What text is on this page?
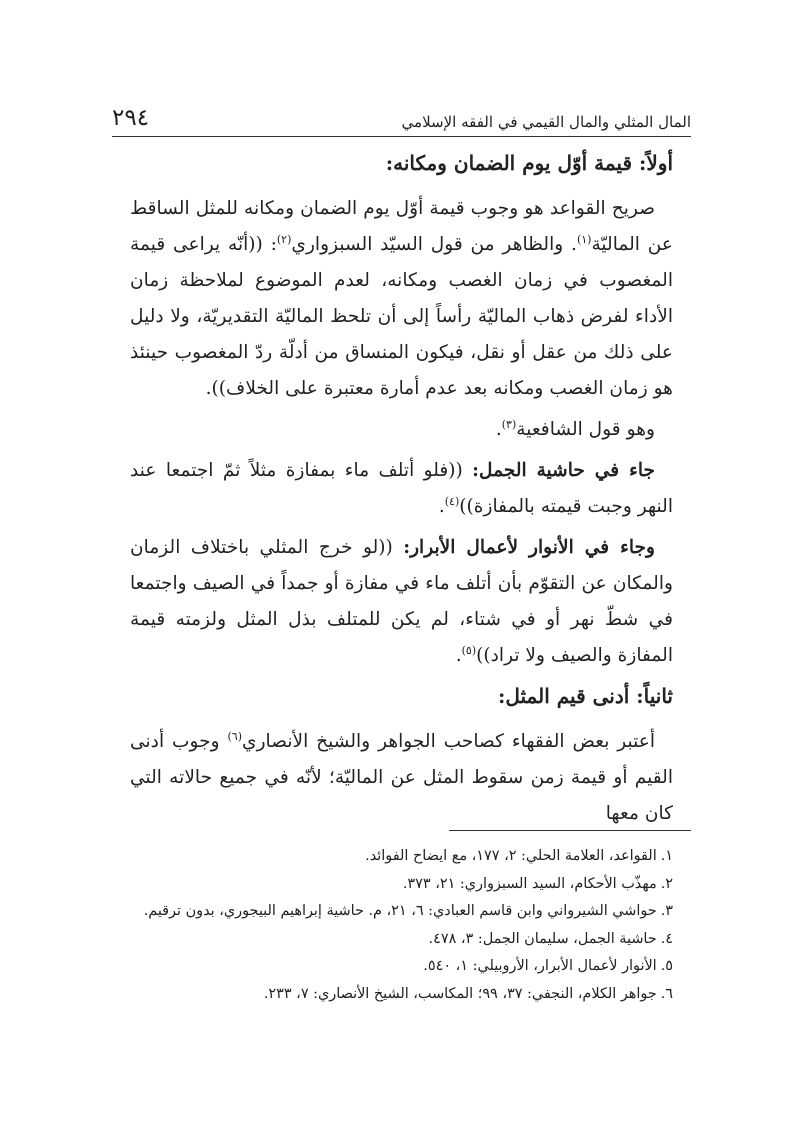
المال المثلي والمال القيمي في الفقه الإسلامي
٢٩٤
أولاً: قيمة أوّل يوم الضمان ومكانه:

صريح القواعد هو وجوب قيمة أوّل يوم الضمان ومكانه للمثل الساقط عن الماليّة$^{(١)}$. والظاهر من قول السيّد السبزواري$^{(٢)}$: ((أنّه يراعى قيمة المغصوب في زمان الغصب ومكانه، لعدم الموضوع لملاحظة زمان الأداء لفرض ذهاب الماليّة رأساً إلى أن تلحظ الماليّة التقديريّة، ولا دليل على ذلك من عقل أو نقل، فيكون المنساق من أدلّة ردّ المغصوب حينئذ هو زمان الغصب ومكانه بعد عدم أمارة معتبرة على الخلاف)).

وهو قول الشافعية$^{(٣)}$.

جاء في حاشية الجمل: ((فلو أتلف ماء بمفازة مثلاً ثمّ اجتمعا عند النهر وجبت قيمته بالمفازة))$^{(٤)}$.

وجاء في الأنوار لأعمال الأبرار: ((لو خرج المثلي باختلاف الزمان والمكان عن التقوّم بأن أتلف ماء في مفازة أو جمداً في الصيف واجتمعا في شطّ نهر أو في شتاء، لم يكن للمتلف بذل المثل ولزمته قيمة المفازة والصيف ولا تراد))$^{(٥)}$.

ثانياً: أدنى قيم المثل:

أعتبر بعض الفقهاء كصاحب الجواهر والشيخ الأنصاري$^{(٦)}$ وجوب أدنى القيم أو قيمة زمن سقوط المثل عن الماليّة؛ لأنّه في جميع حالاته التي كان معها

١.القواعد، العلامة الحلي: ٢، ١٧٧، مع ايضاح الفوائد.
٢.مهذّب الأحكام، السيد السبزواري: ٢١، ٣٧٣.
٣.حواشي الشيرواني وابن قاسم العبادي: ٦، ٢١، م. حاشية إبراهيم البيجوري، بدون ترقيم.
٤.حاشية الجمل، سليمان الجمل: ٣، ٤٧٨.
٥.الأنوار لأعمال الأبرار، الأروبيلي: ١، ٥٤٠.
٦.جواهر الكلام، النجفي: ٣٧، ٩٩؛ المكاسب، الشيخ الأنصاري: ٧، ٢٣٣.
